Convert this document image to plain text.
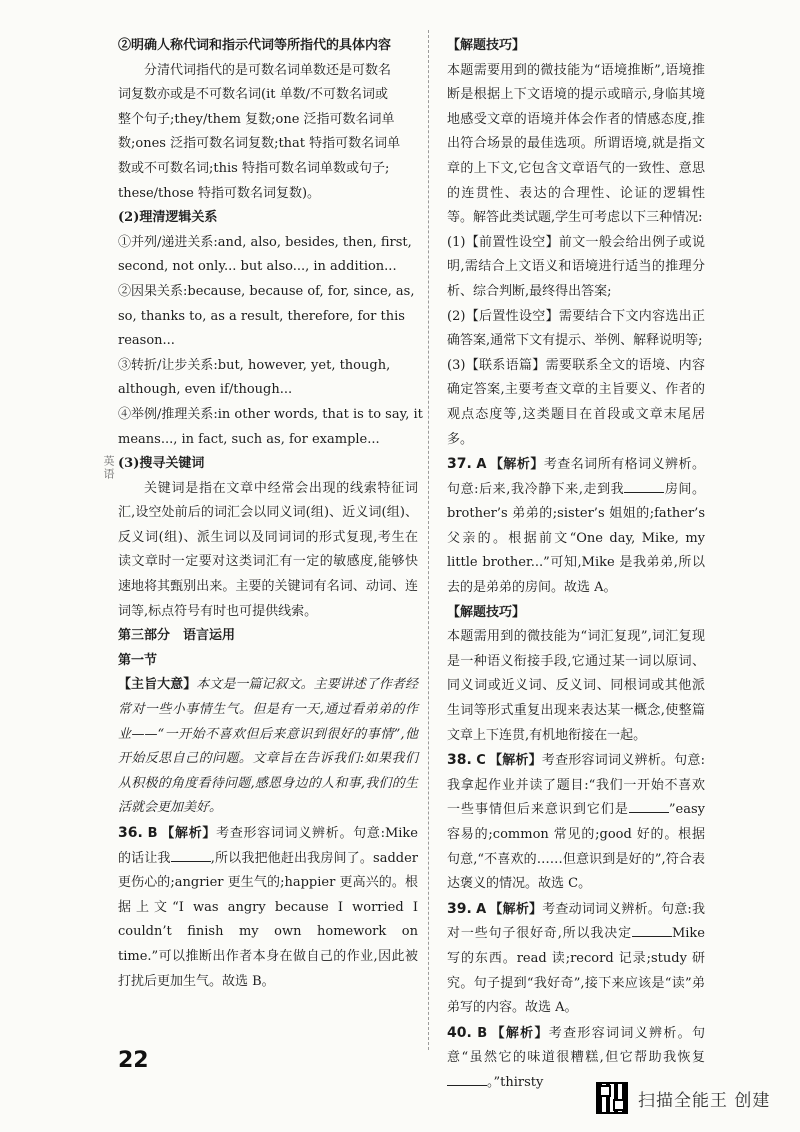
英语

②明确人称代词和指示代词等所指代的具体内容

分清代词指代的是可数名词单数还是可数名

词复数亦或是不可数名词(it 单数/不可数名词或

整个句子;they/them 复数;one 泛指可数名词单

数;ones 泛指可数名词复数;that 特指可数名词单

数或不可数名词;this 特指可数名词单数或句子;

these/those 特指可数名词复数)。

(2)理清逻辑关系

①并列/递进关系:and, also, besides, then, first,

second, not only... but also..., in addition...

②因果关系:because, because of, for, since, as,

so, thanks to, as a result, therefore, for this

reason...

③转折/让步关系:but, however, yet, though,

although, even if/though...

④举例/推理关系:in other words, that is to say, it

means..., in fact, such as, for example...

(3)搜寻关键词

关键词是指在文章中经常会出现的线索特征词汇,设空处前后的词汇会以同义词(组)、近义词(组)、反义词(组)、派生词以及同词词的形式复现,考生在读文章时一定要对这类词汇有一定的敏感度,能够快速地将其甄别出来。主要的关键词有名词、动词、连词等,标点符号有时也可提供线索。

第三部分　语言运用

第一节

【主旨大意】本文是一篇记叙文。主要讲述了作者经常对一些小事情生气。但是有一天,通过看弟弟的作业——“一开始不喜欢但后来意识到很好的事情”,他开始反思自己的问题。文章旨在告诉我们:如果我们从积极的角度看待问题,感恩身边的人和事,我们的生活就会更加美好。

36. B 【解析】考查形容词词义辨析。句意:Mike 的话让我	,所以我把他赶出我房间了。sadder 更伤心的;angrier 更生气的;happier 更高兴的。根据上文“I was angry because I worried I couldn’t finish my own homework on time.”可以推断出作者本身在做自己的作业,因此被打扰后更加生气。故选 B。

【解题技巧】

本题需要用到的微技能为“语境推断”,语境推断是根据上下文语境的提示或暗示,身临其境地感受文章的语境并体会作者的情感态度,推出符合场景的最佳选项。所谓语境,就是指文章的上下文,它包含文章语气的一致性、意思的连贯性、表达的合理性、论证的逻辑性等。解答此类试题,学生可考虑以下三种情况:

(1)【前置性设空】前文一般会给出例子或说明,需结合上文语义和语境进行适当的推理分析、综合判断,最终得出答案;

(2)【后置性设空】需要结合下文内容选出正确答案,通常下文有提示、举例、解释说明等;

(3)【联系语篇】需要联系全文的语境、内容确定答案,主要考查文章的主旨要义、作者的观点态度等,这类题目在首段或文章末尾居多。

37. A 【解析】考查名词所有格词义辨析。句意:后来,我冷静下来,走到我	房间。brother’s 弟弟的;sister’s 姐姐的;father’s 父亲的。根据前文“One day, Mike, my little brother...”可知,Mike 是我弟弟,所以去的是弟弟的房间。故选 A。

【解题技巧】

本题需用到的微技能为“词汇复现”,词汇复现是一种语义衔接手段,它通过某一词以原词、同义词或近义词、反义词、同根词或其他派生词等形式重复出现来表达某一概念,使整篇文章上下连贯,有机地衔接在一起。

38. C 【解析】考查形容词词义辨析。句意:我拿起作业并读了题目:“我们一开始不喜欢一些事情但后来意识到它们是	”easy 容易的;common 常见的;good 好的。根据句意,“不喜欢的……但意识到是好的”,符合表达褒义的情况。故选 C。

39. A 【解析】考查动词词义辨析。句意:我对一些句子很好奇,所以我决定	Mike 写的东西。read 读;record 记录;study 研究。句子提到“我好奇”,接下来应该是“读”弟弟写的内容。故选 A。

40. B 【解析】考查形容词词义辨析。句意“虽然它的味道很糟糕,但它帮助我恢复。”thirsty

22
扫描全能王 创建
